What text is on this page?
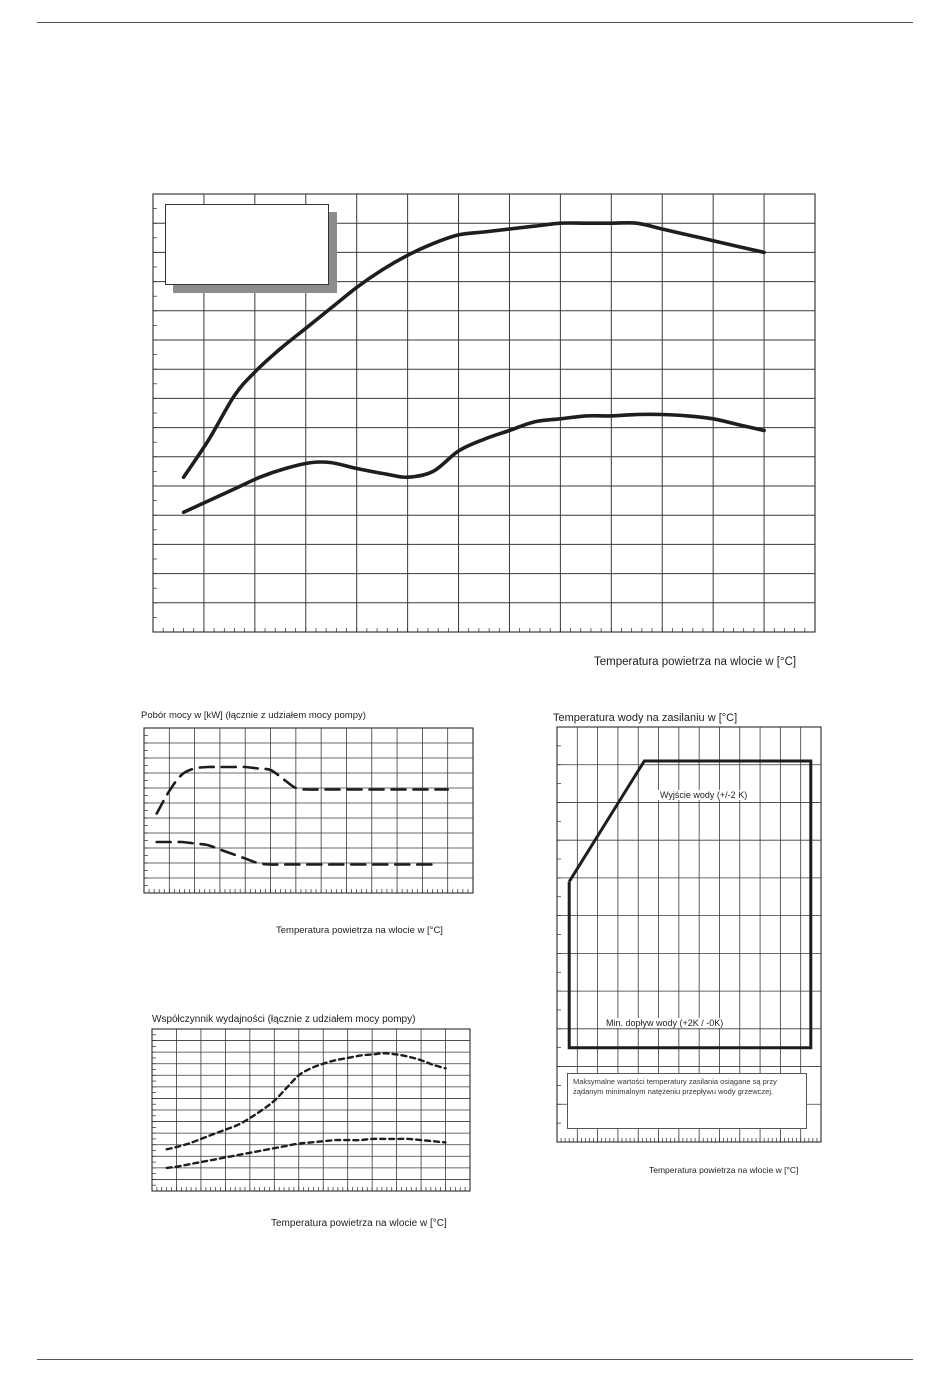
Temperatura powietrza na wlocie w [°C]
Pobór mocy w [kW] (łącznie z udziałem mocy pompy)
Temperatura powietrza na wlocie w [°C]
Współczynnik wydajności (łącznie z udziałem mocy pompy)
Temperatura powietrza na wlocie w [°C]
Temperatura wody na zasilaniu w [°C]
Temperatura powietrza na wlocie w [°C]
Wyjście wody (+/-2 K)
Min. dopływ wody (+2K / -0K)
Maksymalne wartości temperatury zasilania osiągane są przy żądanym minimalnym natężeniu przepływu wody grzewczej.
